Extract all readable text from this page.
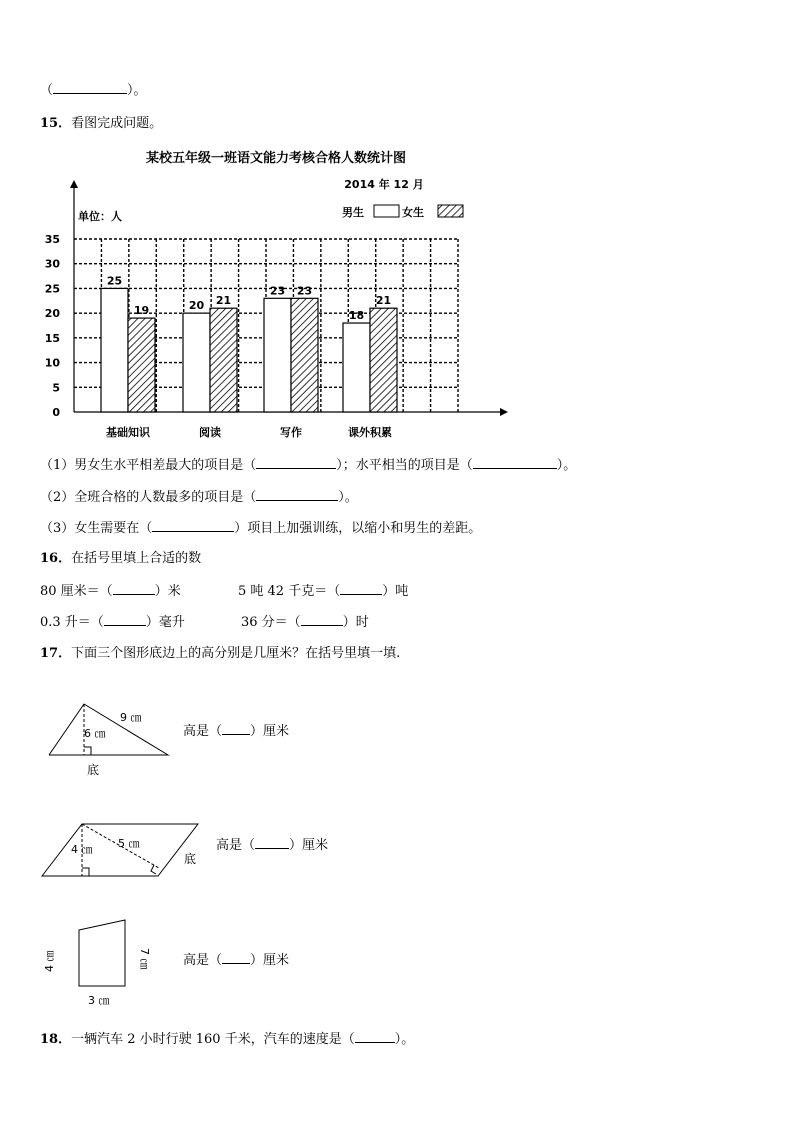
（	）。
15．看图完成问题。
某校五年级一班语文能力考核合格人数统计图
2014 年 12 月
单位：人	男生	女生
0
5
10
15
20
25
30
35
25
19	20 21
23 23
18
21
基础知识	阅读	写作	课外积累
（1）男女生水平相差最大的项目是（	）；水平相当的项目是（	）。
（2）全班合格的人数最多的项目是（	）。
（3）女生需要在（	）项目上加强训练，以缩小和男生的差距。
16．在括号里填上合适的数
80 厘米＝（	）米	5 吨 42 千克＝（	）吨
0.3 升＝（	）毫升	36 分＝（	）时
17．下面三个图形底边上的高分别是几厘米？在括号里填一填.
9 ㎝
6 ㎝
底
高是（ ）厘米
5 ㎝
4 ㎝
底
高是（	）厘米
4 ㎝	7 ㎝
3 ㎝
高是（ ）厘米
18．一辆汽车 2 小时行驶 160 千米，汽车的速度是（	）。
